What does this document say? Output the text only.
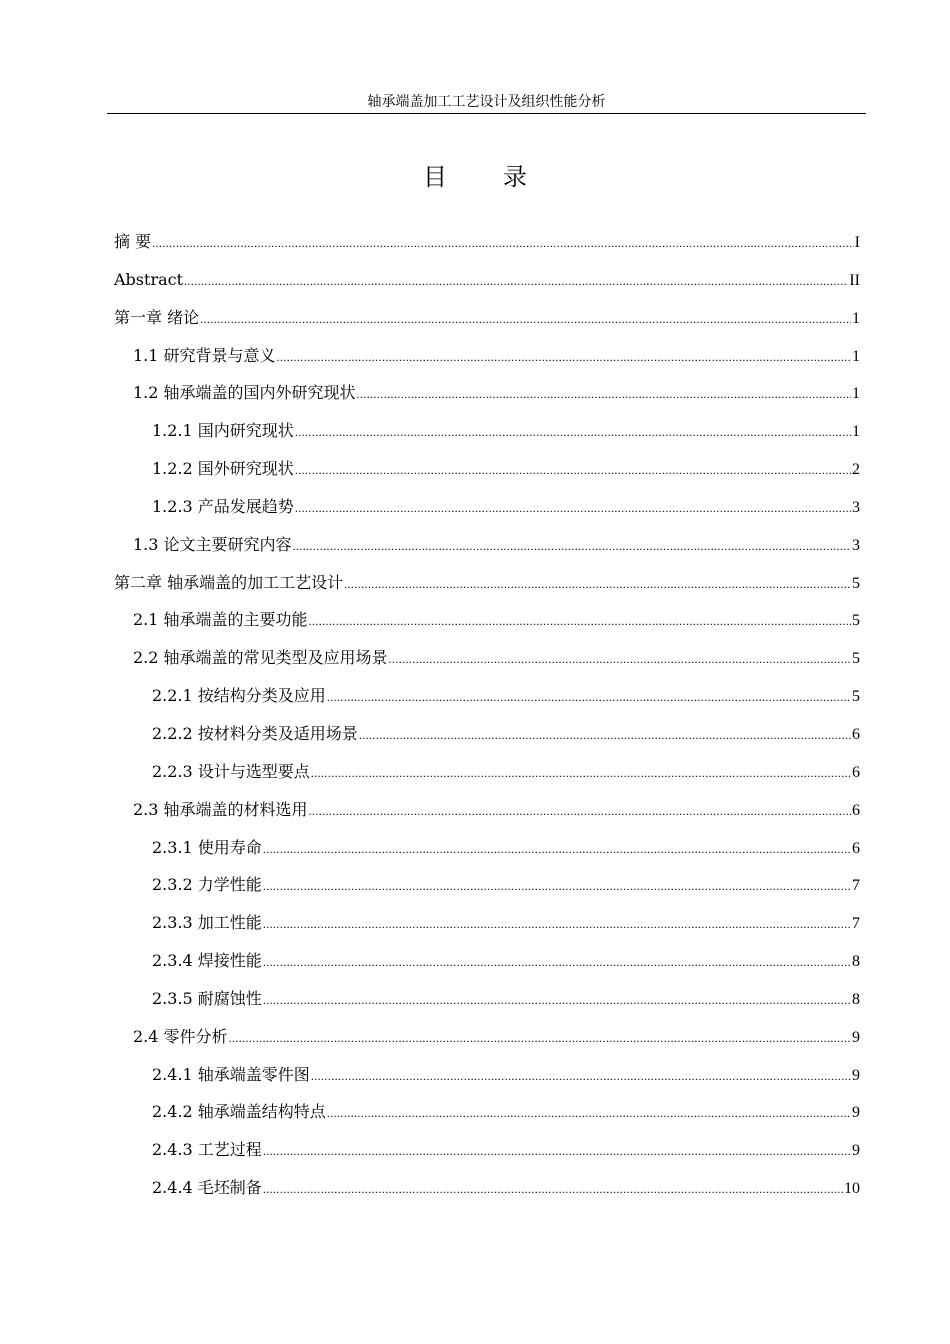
轴承端盖加工工艺设计及组织性能分析
目 录
摘 要 .....	I
Abstract .....	II
第一章 绪论 .....	1
1.1 研究背景与意义 .....	1
1.2 轴承端盖的国内外研究现状 .....	1
1.2.1 国内研究现状 .....	1
1.2.2 国外研究现状 .....	2
1.2.3 产品发展趋势 .....	3
1.3 论文主要研究内容 .....	3
第二章 轴承端盖的加工工艺设计 .....	5
2.1 轴承端盖的主要功能 .....	5
2.2 轴承端盖的常见类型及应用场景 .....	5
2.2.1 按结构分类及应用 .....	5
2.2.2 按材料分类及适用场景 .....	6
2.2.3 设计与选型要点 .....	6
2.3 轴承端盖的材料选用 .....	6
2.3.1 使用寿命 .....	6
2.3.2 力学性能 .....	7
2.3.3 加工性能 .....	7
2.3.4 焊接性能 .....	8
2.3.5 耐腐蚀性 .....	8
2.4 零件分析 .....	9
2.4.1 轴承端盖零件图 .....	9
2.4.2 轴承端盖结构特点 .....	9
2.4.3 工艺过程 .....	9
2.4.4 毛坯制备 .....	10
